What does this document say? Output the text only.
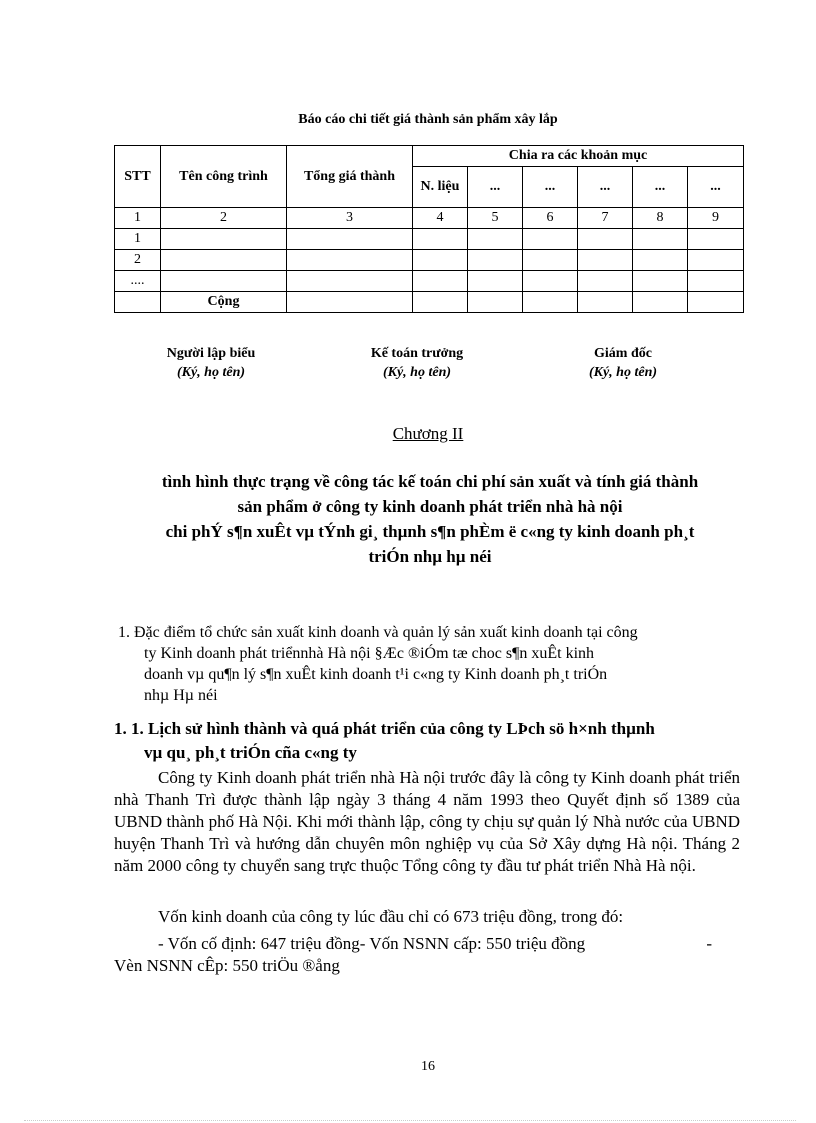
Báo cáo chi tiết giá thành sản phẩm xây lắp
STT	Tên công trình	Tổng giá thành	Chia ra các khoản mục					
			N. liệu	...	...	...	...	...
1	2	3	4	5	6	7	8	9
1								
2								
....								
	Cộng							
Người lập biểu
(Ký, họ tên)
Kế toán trưởng
(Ký, họ tên)
Giám đốc
(Ký, họ tên)
Chương II
tình hình thực trạng về công tác kế toán chi phí sản xuất và tính giá thành
sản phẩm ở công ty kinh doanh phát triển nhà hà nội
chi phÝ s¶n xuÊt vµ tÝnh gi¸ thµnh s¶n phÈm ë c«ng ty kinh doanh ph¸t
triÓn nhµ hµ néi
1. Đặc điểm tổ chức sản xuất kinh doanh và quản lý sản xuất kinh doanh tại công
ty Kinh doanh phát triểnnhà Hà nội §Æc ®iÓm tæ choc s¶n xuÊt kinh
doanh vµ qu¶n lý s¶n xuÊt kinh doanh t¹i c«ng ty Kinh doanh ph¸t triÓn
nhµ Hµ néi
1. 1. Lịch sử hình thành và quá phát triển của công ty LÞch sö h×nh thµnh
vµ qu¸ ph¸t triÓn cña c«ng ty
Công ty Kinh doanh phát triển nhà Hà nội trước đây là công ty Kinh doanh phát triển nhà Thanh Trì được thành lập ngày 3 tháng 4 năm 1993 theo Quyết định số 1389 của UBND thành phố Hà Nội. Khi mới thành lập, công ty chịu sự quản lý Nhà nước của UBND huyện Thanh Trì và hướng dẫn chuyên môn nghiệp vụ của Sở Xây dựng Hà nội. Tháng 2 năm 2000 công ty chuyển sang trực thuộc Tổng công ty đầu tư phát triển Nhà Hà nội.
Vốn kinh doanh của công ty lúc đầu chỉ có 673 triệu đồng, trong đó:
- Vốn cố định: 647 triệu đồng- Vốn NSNN cấp: 550 triệu đồng	-
Vèn NSNN cÊp: 550 triÖu ®ång
16
